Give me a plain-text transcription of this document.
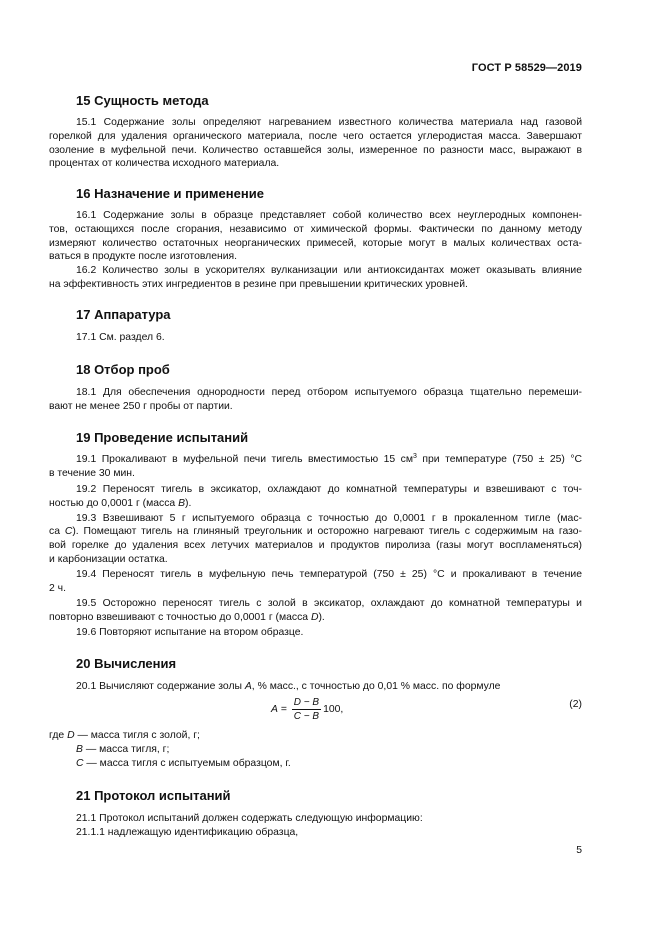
ГОСТ Р 58529—2019
15 Сущность метода

15.1 Содержание золы определяют нагреванием известного количества материала над газовой

горелкой для удаления органического материала, после чего остается углеродистая масса. Завершают

озоление в муфельной печи. Количество оставшейся золы, измеренное по разности масс, выражают в

процентах от количества исходного материала.

16 Назначение и применение

16.1 Содержание золы в образце представляет собой количество всех неуглеродных компонен-

тов, остающихся после сгорания, независимо от химической формы. Фактически по данному методу

измеряют количество остаточных неорганических примесей, которые могут в малых количествах оста-

ваться в продукте после изготовления.

16.2 Количество золы в ускорителях вулканизации или антиоксидантах может оказывать влияние

на эффективность этих ингредиентов в резине при превышении критических уровней.

17 Аппаратура

17.1 См. раздел 6.

18 Отбор проб

18.1 Для обеспечения однородности перед отбором испытуемого образца тщательно перемеши-

вают не менее 250 г пробы от партии.

19 Проведение испытаний

19.1 Прокаливают в муфельной печи тигель вместимостью 15 $см^3$ при температуре (750 ± 25) °С

в течение 30 мин.

19.2 Переносят тигель в эксикатор, охлаждают до комнатной температуры и взвешивают с точ-

ностью до 0,0001 г (масса B).

19.3 Взвешивают 5 г испытуемого образца с точностью до 0,0001 г в прокаленном тигле (мас-

са C). Помещают тигель на глиняный треугольник и осторожно нагревают тигель с содержимым на газо-

вой горелке до удаления всех летучих материалов и продуктов пиролиза (газы могут воспламеняться)

и карбонизации остатка.

19.4 Переносят тигель в муфельную печь температурой (750 ± 25) °С и прокаливают в течение

2 ч.

19.5 Осторожно переносят тигель с золой в эксикатор, охлаждают до комнатной температуры и

повторно взвешивают с точностью до 0,0001 г (масса D).

19.6 Повторяют испытание на втором образце.

20 Вычисления

20.1 Вычисляют содержание золы A, % масс., с точностью до 0,01 % масс. по формуле

$A = \frac{D - B}{C - B} 100$,	(2)

где D — масса тигля с золой, г;

B — масса тигля, г;

C — масса тигля с испытуемым образцом, г.

21 Протокол испытаний

21.1 Протокол испытаний должен содержать следующую информацию:

21.1.1 надлежащую идентификацию образца,

5
